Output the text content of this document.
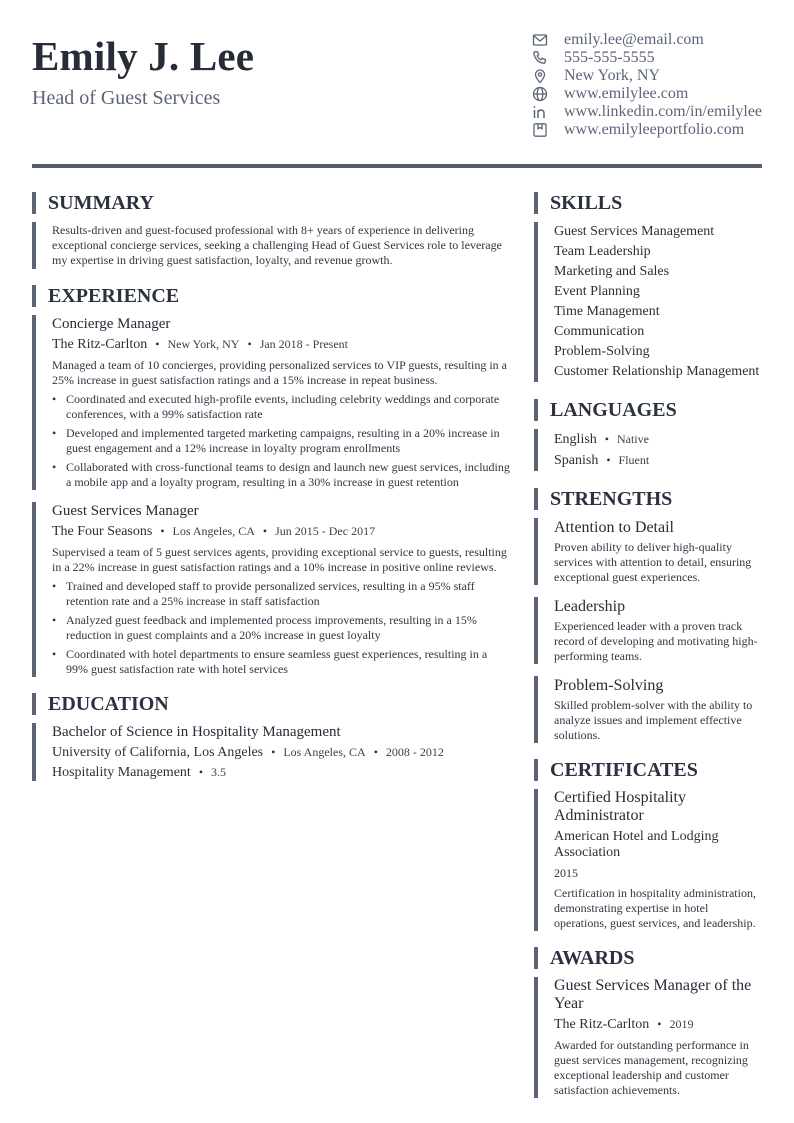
Emily J. Lee
Head of Guest Services
emily.lee@email.com
555-555-5555
New York, NY
www.emilylee.com
www.linkedin.com/in/emilylee
www.emilyleeportfolio.com
SUMMARY
Results-driven and guest-focused professional with 8+ years of experience in delivering exceptional concierge services, seeking a challenging Head of Guest Services role to leverage my expertise in driving guest satisfaction, loyalty, and revenue growth.
EXPERIENCE
Concierge Manager
The Ritz-Carlton • New York, NY • Jan 2018 - Present
Managed a team of 10 concierges, providing personalized services to VIP guests, resulting in a 25% increase in guest satisfaction ratings and a 15% increase in repeat business.
• Coordinated and executed high-profile events, including celebrity weddings and corporate conferences, with a 99% satisfaction rate
• Developed and implemented targeted marketing campaigns, resulting in a 20% increase in guest engagement and a 12% increase in loyalty program enrollments
• Collaborated with cross-functional teams to design and launch new guest services, including a mobile app and a loyalty program, resulting in a 30% increase in guest retention
Guest Services Manager
The Four Seasons • Los Angeles, CA • Jun 2015 - Dec 2017
Supervised a team of 5 guest services agents, providing exceptional service to guests, resulting in a 22% increase in guest satisfaction ratings and a 10% increase in positive online reviews.
• Trained and developed staff to provide personalized services, resulting in a 95% staff retention rate and a 25% increase in staff satisfaction
• Analyzed guest feedback and implemented process improvements, resulting in a 15% reduction in guest complaints and a 20% increase in guest loyalty
• Coordinated with hotel departments to ensure seamless guest experiences, resulting in a 99% guest satisfaction rate with hotel services
EDUCATION
Bachelor of Science in Hospitality Management
University of California, Los Angeles • Los Angeles, CA • 2008 - 2012
Hospitality Management • 3.5
SKILLS
Guest Services Management
Team Leadership
Marketing and Sales
Event Planning
Time Management
Communication
Problem-Solving
Customer Relationship Management
LANGUAGES
English • Native
Spanish • Fluent
STRENGTHS
Attention to Detail
Proven ability to deliver high-quality services with attention to detail, ensuring exceptional guest experiences.
Leadership
Experienced leader with a proven track record of developing and motivating high-performing teams.
Problem-Solving
Skilled problem-solver with the ability to analyze issues and implement effective solutions.
CERTIFICATES
Certified Hospitality Administrator
American Hotel and Lodging Association
2015
Certification in hospitality administration, demonstrating expertise in hotel operations, guest services, and leadership.
AWARDS
Guest Services Manager of the Year
The Ritz-Carlton • 2019
Awarded for outstanding performance in guest services management, recognizing exceptional leadership and customer satisfaction achievements.
